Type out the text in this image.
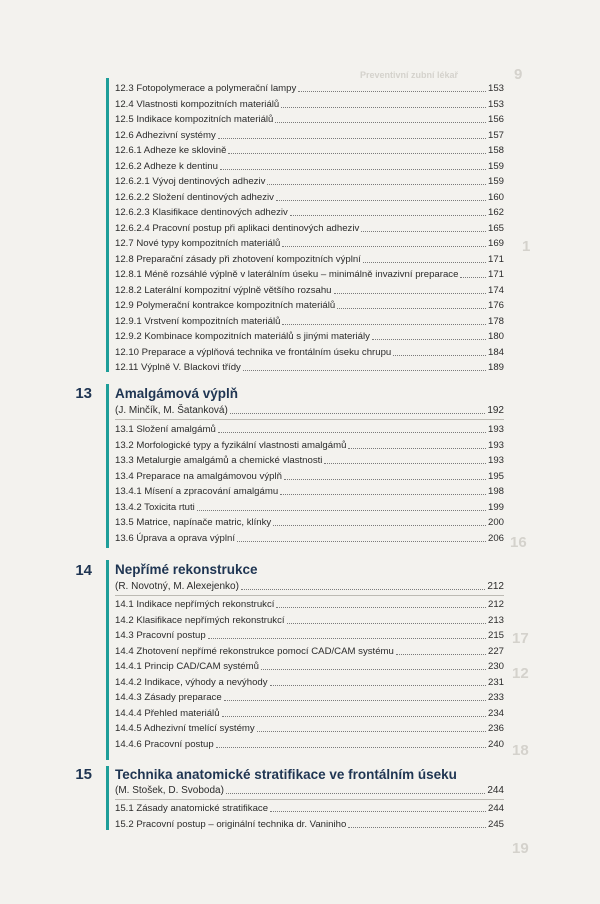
9
1
Preventivní zubní lékař
16
17
12
18
19
12.3 Fotopolymerace a polymerační lampy	153
12.4 Vlastnosti kompozitních materiálů	153
12.5 Indikace kompozitních materiálů	156
12.6 Adhezivní systémy	157
12.6.1 Adheze ke sklovině	158
12.6.2 Adheze k dentinu	159
12.6.2.1 Vývoj dentinových adheziv	159
12.6.2.2 Složení dentinových adheziv	160
12.6.2.3 Klasifikace dentinových adheziv	162
12.6.2.4 Pracovní postup při aplikaci dentinových adheziv	165
12.7 Nové typy kompozitních materiálů	169
12.8 Preparační zásady při zhotovení kompozitních výplní	171
12.8.1 Méně rozsáhlé výplně v laterálním úseku – minimálně invazivní preparace	171
12.8.2 Laterální kompozitní výplně většího rozsahu	174
12.9 Polymerační kontrakce kompozitních materiálů	176
12.9.1 Vrstvení kompozitních materiálů	178
12.9.2 Kombinace kompozitních materiálů s jinými materiály	180
12.10 Preparace a výplňová technika ve frontálním úseku chrupu	184
12.11 Výplně V. Blackovi třídy	189
13 Amalgámová výplň
(J. Minčík, M. Šatanková)	192
13.1 Složení amalgámů	193
13.2 Morfologické typy a fyzikální vlastnosti amalgámů	193
13.3 Metalurgie amalgámů a chemické vlastnosti	193
13.4 Preparace na amalgámovou výplň	195
13.4.1 Mísení a zpracování amalgámu	198
13.4.2 Toxicita rtuti	199
13.5 Matrice, napínače matric, klínky	200
13.6 Úprava a oprava výplní	206
14 Nepřímé rekonstrukce
(R. Novotný, M. Alexejenko)	212
14.1 Indikace nepřímých rekonstrukcí	212
14.2 Klasifikace nepřímých rekonstrukcí	213
14.3 Pracovní postup	215
14.4 Zhotovení nepřímé rekonstrukce pomocí CAD/CAM systému	227
14.4.1 Princip CAD/CAM systémů	230
14.4.2 Indikace, výhody a nevýhody	231
14.4.3 Zásady preparace	233
14.4.4 Přehled materiálů	234
14.4.5 Adhezivní tmelící systémy	236
14.4.6 Pracovní postup	240
15 Technika anatomické stratifikace ve frontálním úseku
(M. Stošek, D. Svoboda)	244
15.1 Zásady anatomické stratifikace	244
15.2 Pracovní postup – originální technika dr. Vaniniho	245
